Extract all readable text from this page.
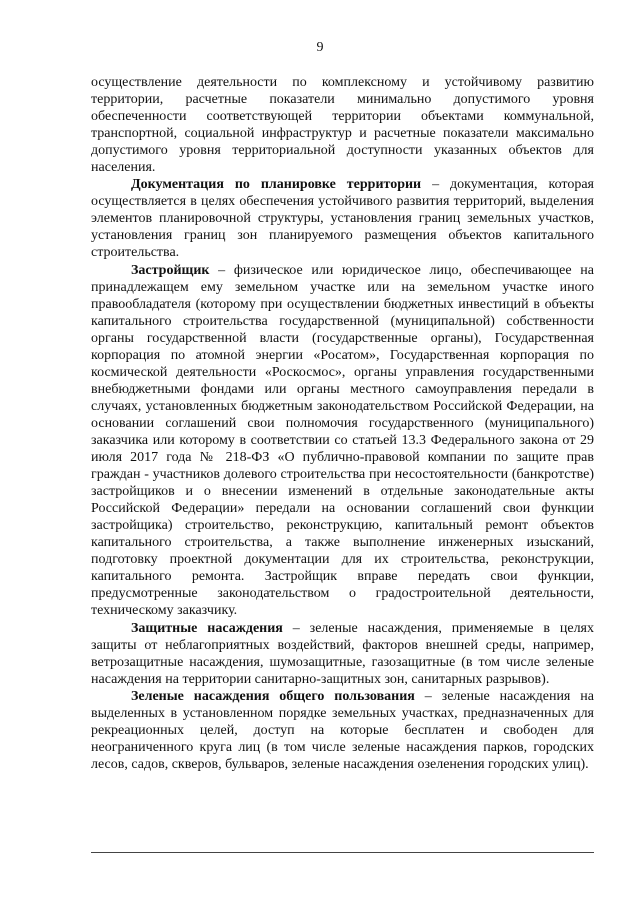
9

осуществление деятельности по комплексному и устойчивому развитию территории, расчетные показатели минимально допустимого уровня обеспеченности соответствующей территории объектами коммунальной, транспортной, социальной инфраструктур и расчетные показатели максимально допустимого уровня территориальной доступности указанных объектов для населения.

Документация по планировке территории – документация, которая осуществляется в целях обеспечения устойчивого развития территорий, выделения элементов планировочной структуры, установления границ земельных участков, установления границ зон планируемого размещения объектов капитального строительства.

Застройщик – физическое или юридическое лицо, обеспечивающее на принадлежащем ему земельном участке или на земельном участке иного правообладателя (которому при осуществлении бюджетных инвестиций в объекты капитального строительства государственной (муниципальной) собственности органы государственной власти (государственные органы), Государственная корпорация по атомной энергии «Росатом», Государственная корпорация по космической деятельности «Роскосмос», органы управления государственными внебюджетными фондами или органы местного самоуправления передали в случаях, установленных бюджетным законодательством Российской Федерации, на основании соглашений свои полномочия государственного (муниципального) заказчика или которому в соответствии со статьей 13.3 Федерального закона от 29 июля 2017 года № 218-ФЗ «О публично-правовой компании по защите прав граждан - участников долевого строительства при несостоятельности (банкротстве) застройщиков и о внесении изменений в отдельные законодательные акты Российской Федерации» передали на основании соглашений свои функции застройщика) строительство, реконструкцию, капитальный ремонт объектов капитального строительства, а также выполнение инженерных изысканий, подготовку проектной документации для их строительства, реконструкции, капитального ремонта. Застройщик вправе передать свои функции, предусмотренные законодательством о градостроительной деятельности, техническому заказчику.

Защитные насаждения – зеленые насаждения, применяемые в целях защиты от неблагоприятных воздействий, факторов внешней среды, например, ветрозащитные насаждения, шумозащитные, газозащитные (в том числе зеленые насаждения на территории санитарно-защитных зон, санитарных разрывов).

Зеленые насаждения общего пользования – зеленые насаждения на выделенных в установленном порядке земельных участках, предназначенных для рекреационных целей, доступ на которые бесплатен и свободен для неограниченного круга лиц (в том числе зеленые насаждения парков, городских лесов, садов, скверов, бульваров, зеленые насаждения озеленения городских улиц).
